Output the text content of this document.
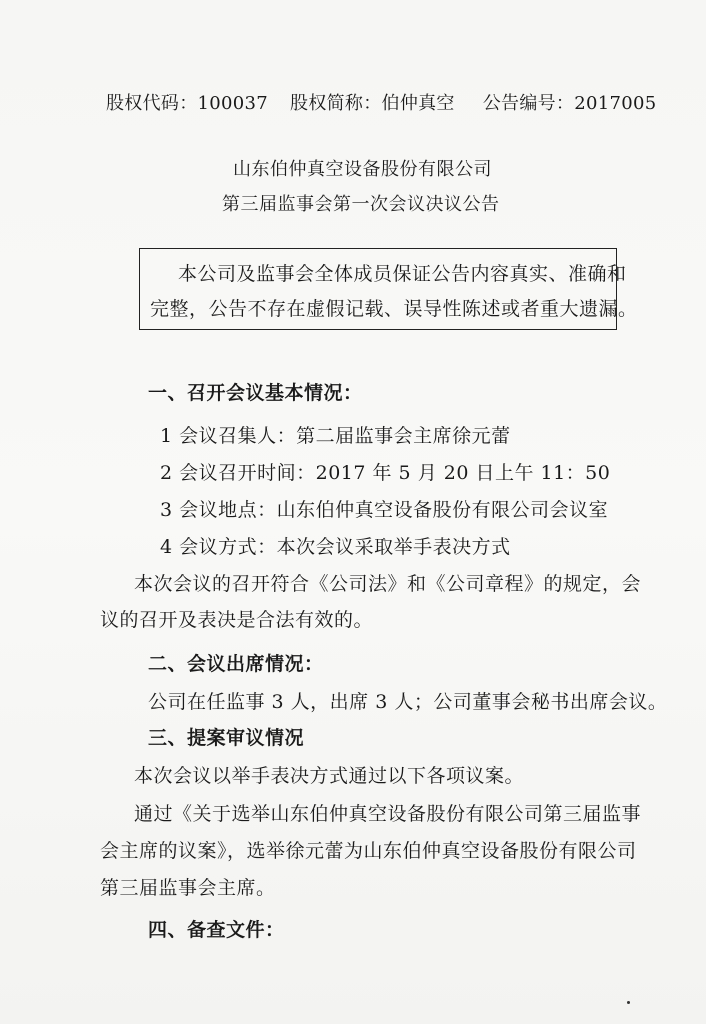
股权代码：100037 股权简称：伯仲真空 公告编号：2017005
山东伯仲真空设备股份有限公司
第三届监事会第一次会议决议公告
本公司及监事会全体成员保证公告内容真实、准确和
完整，公告不存在虚假记载、误导性陈述或者重大遗漏。
一、召开会议基本情况：
1 会议召集人：第二届监事会主席徐元蕾
2 会议召开时间：2017 年 5 月 20 日上午 11：50
3 会议地点：山东伯仲真空设备股份有限公司会议室
4 会议方式：本次会议采取举手表决方式
本次会议的召开符合《公司法》和《公司章程》的规定，会
议的召开及表决是合法有效的。
二、会议出席情况：
公司在任监事 3 人，出席 3 人；公司董事会秘书出席会议。
三、提案审议情况
本次会议以举手表决方式通过以下各项议案。
通过《关于选举山东伯仲真空设备股份有限公司第三届监事
会主席的议案》，选举徐元蕾为山东伯仲真空设备股份有限公司
第三届监事会主席。
四、备查文件：
